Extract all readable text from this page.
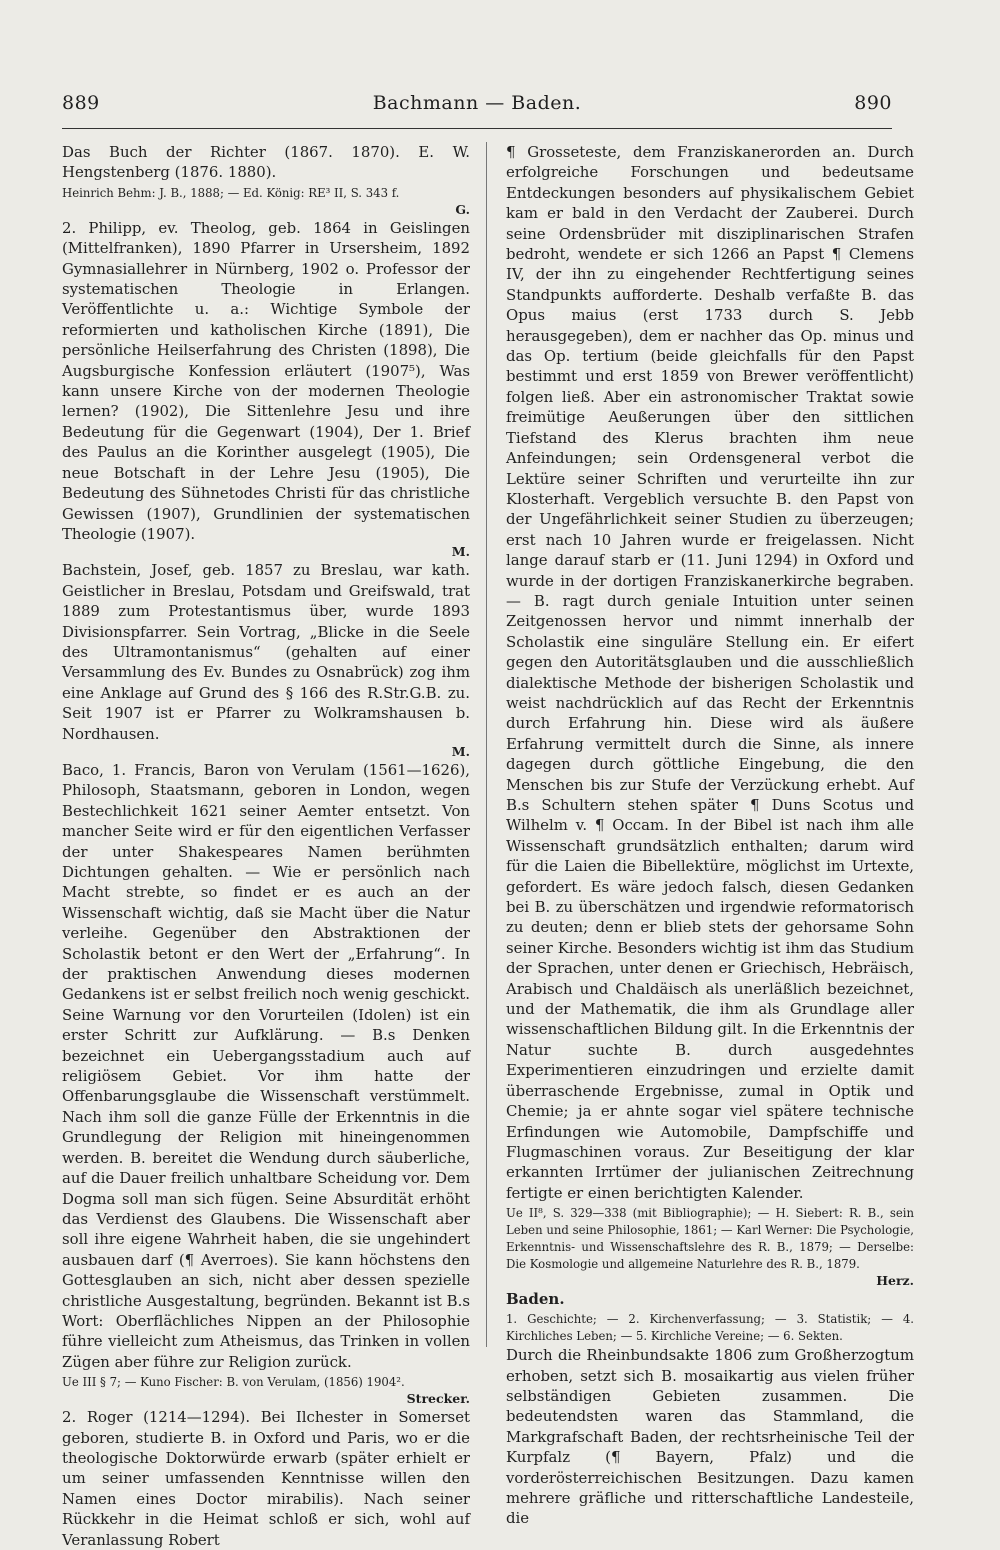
889	Bachmann — Baden.	890

Das Buch der Richter (1867. 1870). E. W. Hengstenberg (1876. 1880).

Heinrich Behm: J. B., 1888; — Ed. König: RE³ II, S. 343 f.

G.

2. Philipp, ev. Theolog, geb. 1864 in Geislingen (Mittelfranken), 1890 Pfarrer in Ursersheim, 1892 Gymnasiallehrer in Nürnberg, 1902 o. Professor der systematischen Theologie in Erlangen. Veröffentlichte u. a.: Wichtige Symbole der reformierten und katholischen Kirche (1891), Die persönliche Heilserfahrung des Christen (1898), Die Augsburgische Konfession erläutert (1907⁵), Was kann unsere Kirche von der modernen Theologie lernen? (1902), Die Sittenlehre Jesu und ihre Bedeutung für die Gegenwart (1904), Der 1. Brief des Paulus an die Korinther ausgelegt (1905), Die neue Botschaft in der Lehre Jesu (1905), Die Bedeutung des Sühnetodes Christi für das christliche Gewissen (1907), Grundlinien der systematischen Theologie (1907).

M.

Bachstein, Josef, geb. 1857 zu Breslau, war kath. Geistlicher in Breslau, Potsdam und Greifswald, trat 1889 zum Protestantismus über, wurde 1893 Divisionspfarrer. Sein Vortrag, „Blicke in die Seele des Ultramontanismus“ (gehalten auf einer Versammlung des Ev. Bundes zu Osnabrück) zog ihm eine Anklage auf Grund des § 166 des R.Str.G.B. zu. Seit 1907 ist er Pfarrer zu Wolkramshausen b. Nordhausen.

M.

Baco, 1. Francis, Baron von Verulam (1561—1626), Philosoph, Staatsmann, geboren in London, wegen Bestechlichkeit 1621 seiner Aemter entsetzt. Von mancher Seite wird er für den eigentlichen Verfasser der unter Shakespeares Namen berühmten Dichtungen gehalten. — Wie er persönlich nach Macht strebte, so findet er es auch an der Wissenschaft wichtig, daß sie Macht über die Natur verleihe. Gegenüber den Abstraktionen der Scholastik betont er den Wert der „Erfahrung“. In der praktischen Anwendung dieses modernen Gedankens ist er selbst freilich noch wenig geschickt. Seine Warnung vor den Vorurteilen (Idolen) ist ein erster Schritt zur Aufklärung. — B.s Denken bezeichnet ein Uebergangsstadium auch auf religiösem Gebiet. Vor ihm hatte der Offenbarungsglaube die Wissenschaft verstümmelt. Nach ihm soll die ganze Fülle der Erkenntnis in die Grundlegung der Religion mit hineingenommen werden. B. bereitet die Wendung durch säuberliche, auf die Dauer freilich unhaltbare Scheidung vor. Dem Dogma soll man sich fügen. Seine Absurdität erhöht das Verdienst des Glaubens. Die Wissenschaft aber soll ihre eigene Wahrheit haben, die sie ungehindert ausbauen darf (¶ Averroes). Sie kann höchstens den Gottesglauben an sich, nicht aber dessen spezielle christliche Ausgestaltung, begründen. Bekannt ist B.s Wort: Oberflächliches Nippen an der Philosophie führe vielleicht zum Atheismus, das Trinken in vollen Zügen aber führe zur Religion zurück.

Ue III § 7; — Kuno Fischer: B. von Verulam, (1856) 1904².

Strecker.

2. Roger (1214—1294). Bei Ilchester in Somerset geboren, studierte B. in Oxford und Paris, wo er die theologische Doktorwürde erwarb (später erhielt er um seiner umfassenden Kenntnisse willen den Namen eines Doctor mirabilis). Nach seiner Rückkehr in die Heimat schloß er sich, wohl auf Veranlassung Robert

¶ Grosseteste, dem Franziskanerorden an. Durch erfolgreiche Forschungen und bedeutsame Entdeckungen besonders auf physikalischem Gebiet kam er bald in den Verdacht der Zauberei. Durch seine Ordensbrüder mit disziplinarischen Strafen bedroht, wendete er sich 1266 an Papst ¶ Clemens IV, der ihn zu eingehender Rechtfertigung seines Standpunkts aufforderte. Deshalb verfaßte B. das Opus maius (erst 1733 durch S. Jebb herausgegeben), dem er nachher das Op. minus und das Op. tertium (beide gleichfalls für den Papst bestimmt und erst 1859 von Brewer veröffentlicht) folgen ließ. Aber ein astronomischer Traktat sowie freimütige Aeußerungen über den sittlichen Tiefstand des Klerus brachten ihm neue Anfeindungen; sein Ordensgeneral verbot die Lektüre seiner Schriften und verurteilte ihn zur Klosterhaft. Vergeblich versuchte B. den Papst von der Ungefährlichkeit seiner Studien zu überzeugen; erst nach 10 Jahren wurde er freigelassen. Nicht lange darauf starb er (11. Juni 1294) in Oxford und wurde in der dortigen Franziskanerkirche begraben. — B. ragt durch geniale Intuition unter seinen Zeitgenossen hervor und nimmt innerhalb der Scholastik eine singuläre Stellung ein. Er eifert gegen den Autoritätsglauben und die ausschließlich dialektische Methode der bisherigen Scholastik und weist nachdrücklich auf das Recht der Erkenntnis durch Erfahrung hin. Diese wird als äußere Erfahrung vermittelt durch die Sinne, als innere dagegen durch göttliche Eingebung, die den Menschen bis zur Stufe der Verzückung erhebt. Auf B.s Schultern stehen später ¶ Duns Scotus und Wilhelm v. ¶ Occam. In der Bibel ist nach ihm alle Wissenschaft grundsätzlich enthalten; darum wird für die Laien die Bibellektüre, möglichst im Urtexte, gefordert. Es wäre jedoch falsch, diesen Gedanken bei B. zu überschätzen und irgendwie reformatorisch zu deuten; denn er blieb stets der gehorsame Sohn seiner Kirche. Besonders wichtig ist ihm das Studium der Sprachen, unter denen er Griechisch, Hebräisch, Arabisch und Chaldäisch als unerläßlich bezeichnet, und der Mathematik, die ihm als Grundlage aller wissenschaftlichen Bildung gilt. In die Erkenntnis der Natur suchte B. durch ausgedehntes Experimentieren einzudringen und erzielte damit überraschende Ergebnisse, zumal in Optik und Chemie; ja er ahnte sogar viel spätere technische Erfindungen wie Automobile, Dampfschiffe und Flugmaschinen voraus. Zur Beseitigung der klar erkannten Irrtümer der julianischen Zeitrechnung fertigte er einen berichtigten Kalender.

Ue II⁸, S. 329—338 (mit Bibliographie); — H. Siebert: R. B., sein Leben und seine Philosophie, 1861; — Karl Werner: Die Psychologie, Erkenntnis- und Wissenschaftslehre des R. B., 1879; — Derselbe: Die Kosmologie und allgemeine Naturlehre des R. B., 1879.

Herz.

Baden.

1. Geschichte; — 2. Kirchenverfassung; — 3. Statistik; — 4. Kirchliches Leben; — 5. Kirchliche Vereine; — 6. Sekten.

Durch die Rheinbundsakte 1806 zum Großherzogtum erhoben, setzt sich B. mosaikartig aus vielen früher selbständigen Gebieten zusammen. Die bedeutendsten waren das Stammland, die Markgrafschaft Baden, der rechtsrheinische Teil der Kurpfalz (¶ Bayern, Pfalz) und die vorderösterreichischen Besitzungen. Dazu kamen mehrere gräfliche und ritterschaftliche Landesteile, die
